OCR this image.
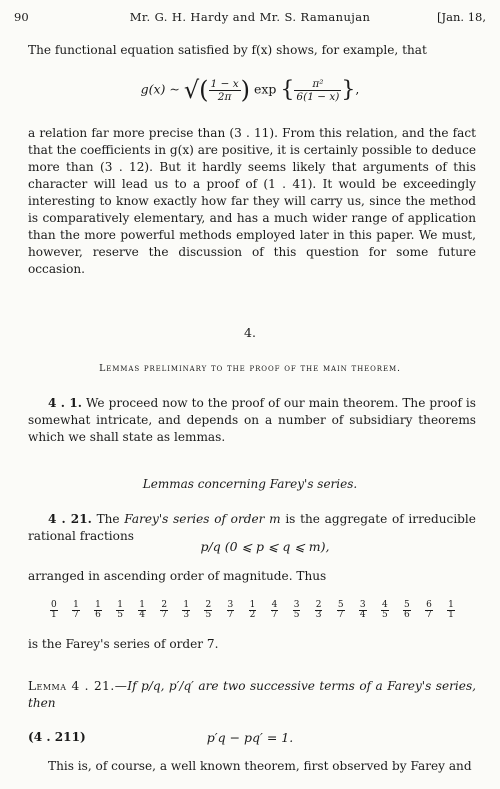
90	Mr. G. H. Hardy and Mr. S. Ramanujan	[Jan. 18,

The functional equation satisfied by f(x) shows, for example, that

g(x) ∼ √( $\frac{1 - x}{2\pi}$ ) exp { $\frac{\text{π²}}{6(1 - x)}$ },

a relation far more precise than (3 . 11). From this relation, and the fact that the coefficients in g(x) are positive, it is certainly possible to deduce more than (3 . 12). But it hardly seems likely that arguments of this character will lead us to a proof of (1 . 41). It would be exceedingly interesting to know exactly how far they will carry us, since the method is comparatively elementary, and has a much wider range of application than the more powerful methods employed later in this paper. We must, however, reserve the discussion of this question for some future occasion.

4.
Lemmas preliminary to the proof of the main theorem.

4 . 1. We proceed now to the proof of our main theorem. The proof is somewhat intricate, and depends on a number of subsidiary theorems which we shall state as lemmas.

Lemmas concerning Farey's series.

4 . 21. The Farey's series of order m is the aggregate of irreducible rational fractions

p/q (0 ⩽ p ⩽ q ⩽ m),

arranged in ascending order of magnitude. Thus

$\frac{0}{1} \frac{1}{7} \frac{1}{6} \frac{1}{5} \frac{1}{4} \frac{2}{7} \frac{1}{3} \frac{2}{5} \frac{3}{7} \frac{1}{2} \frac{4}{7} \frac{3}{5} \frac{2}{3} \frac{5}{7} \frac{3}{4} \frac{4}{5} \frac{5}{6} \frac{6}{7} \frac{1}{1}$

is the Farey's series of order 7.

Lemma 4 . 21.—If p/q, p′/q′ are two successive terms of a Farey's series, then

(4 . 211)	p′q − pq′ = 1.

This is, of course, a well known theorem, first observed by Farey and
